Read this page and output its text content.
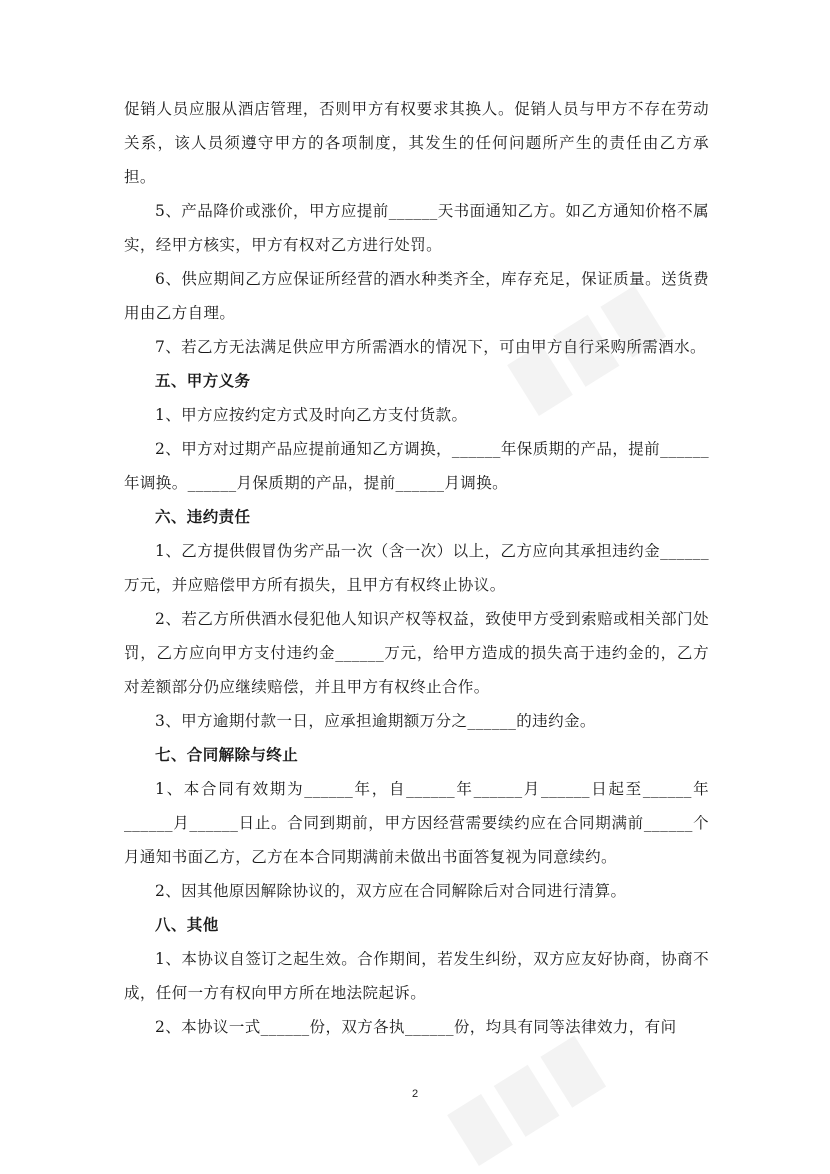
促销人员应服从酒店管理，否则甲方有权要求其换人。促销人员与甲方不存在劳动关系，该人员须遵守甲方的各项制度，其发生的任何问题所产生的责任由乙方承担。

5、产品降价或涨价，甲方应提前______天书面通知乙方。如乙方通知价格不属实，经甲方核实，甲方有权对乙方进行处罚。

6、供应期间乙方应保证所经营的酒水种类齐全，库存充足，保证质量。送货费用由乙方自理。

7、若乙方无法满足供应甲方所需酒水的情况下，可由甲方自行采购所需酒水。

五、甲方义务

1、甲方应按约定方式及时向乙方支付货款。

2、甲方对过期产品应提前通知乙方调换，______年保质期的产品，提前______年调换。______月保质期的产品，提前______月调换。

六、违约责任

1、乙方提供假冒伪劣产品一次（含一次）以上，乙方应向其承担违约金______万元，并应赔偿甲方所有损失，且甲方有权终止协议。

2、若乙方所供酒水侵犯他人知识产权等权益，致使甲方受到索赔或相关部门处罚，乙方应向甲方支付违约金______万元，给甲方造成的损失高于违约金的，乙方对差额部分仍应继续赔偿，并且甲方有权终止合作。

3、甲方逾期付款一日，应承担逾期额万分之______的违约金。

七、合同解除与终止

1、本合同有效期为______年，自______年______月______日起至______年______月______日止。合同到期前，甲方因经营需要续约应在合同期满前______个月通知书面乙方，乙方在本合同期满前未做出书面答复视为同意续约。

2、因其他原因解除协议的，双方应在合同解除后对合同进行清算。

八、其他

1、本协议自签订之起生效。合作期间，若发生纠纷，双方应友好协商，协商不成，任何一方有权向甲方所在地法院起诉。

2、本协议一式______份，双方各执______份，均具有同等法律效力，有问

2
